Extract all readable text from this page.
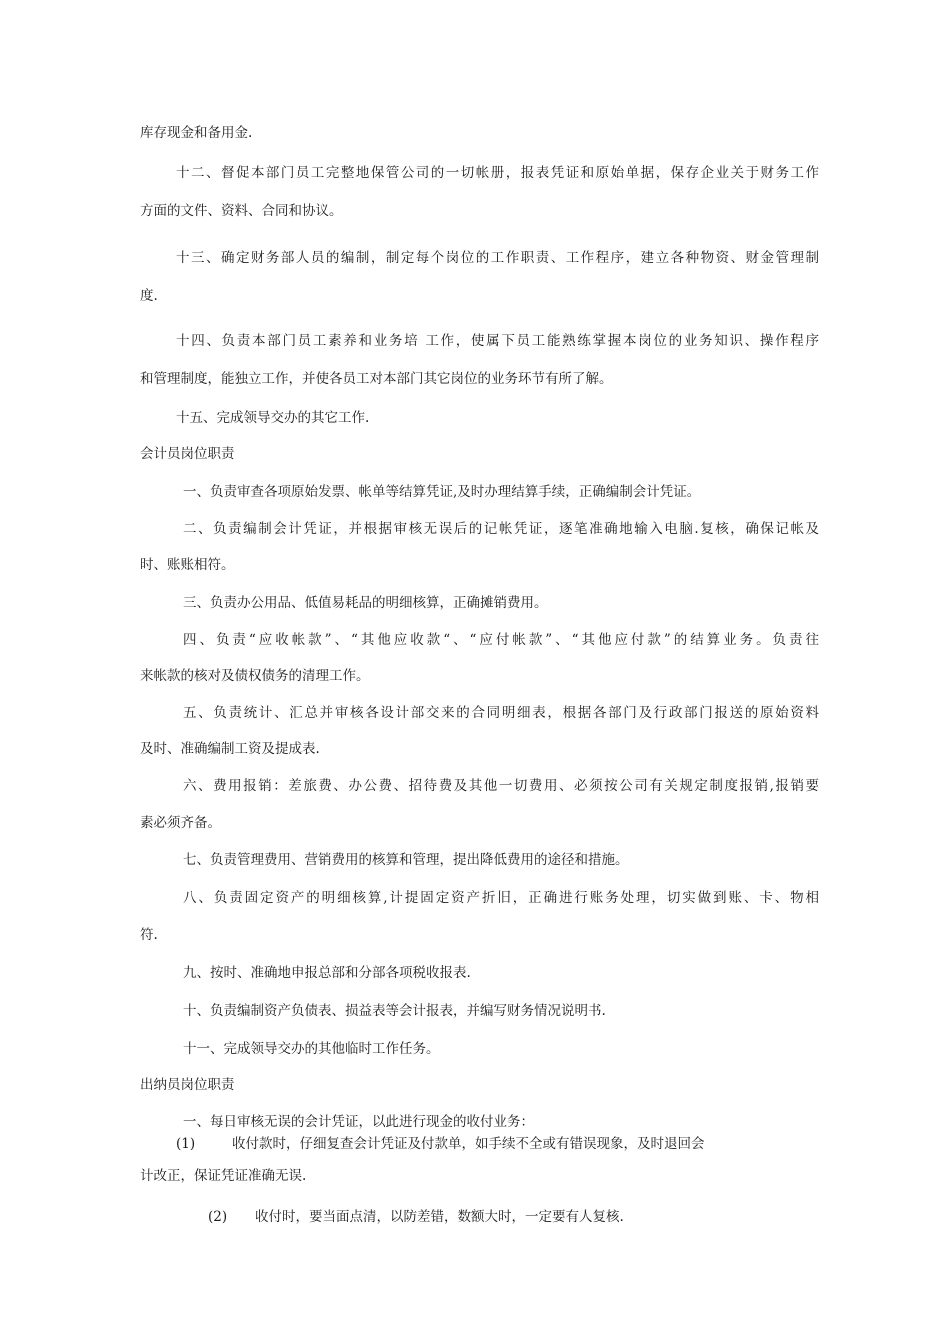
库存现金和备用金.
十二、督促本部门员工完整地保管公司的一切帐册，报表凭证和原始单据，保存企业关于财务工作
方面的文件、资料、合同和协议。
十三、确定财务部人员的编制，制定每个岗位的工作职责、工作程序，建立各种物资、财金管理制
度.
十四、负责本部门员工素养和业务培 工作，使属下员工能熟练掌握本岗位的业务知识、操作程序
和管理制度，能独立工作，并使各员工对本部门其它岗位的业务环节有所了解。
十五、完成领导交办的其它工作.
会计员岗位职责
一、负责审查各项原始发票、帐单等结算凭证,及时办理结算手续，正确编制会计凭证。
二、负责编制会计凭证，并根据审核无误后的记帐凭证，逐笔准确地输入电脑.复核，确保记帐及
时、账账相符。
三、负责办公用品、低值易耗品的明细核算，正确摊销费用。
四、负责“应收帐款”、“其他应收款“、“应付帐款”、“其他应付款”的结算业务。负责往
来帐款的核对及债权债务的清理工作。
五、负责统计、汇总并审核各设计部交来的合同明细表，根据各部门及行政部门报送的原始资料
及时、准确编制工资及提成表.
六、费用报销：差旅费、办公费、招待费及其他一切费用、必须按公司有关规定制度报销,报销要
素必须齐备。
七、负责管理费用、营销费用的核算和管理，提出降低费用的途径和措施。
八、负责固定资产的明细核算,计提固定资产折旧，正确进行账务处理，切实做到账、卡、物相
符.
九、按时、准确地申报总部和分部各项税收报表.
十、负责编制资产负债表、损益表等会计报表，并编写财务情况说明书.
十一、完成领导交办的其他临时工作任务。
出纳员岗位职责
一、每日审核无误的会计凭证，以此进行现金的收付业务：
(1)	收付款时，仔细复查会计凭证及付款单，如手续不全或有错误现象，及时退回会
计改正，保证凭证准确无误.
(2) 收付时，要当面点清，以防差错，数额大时，一定要有人复核.
